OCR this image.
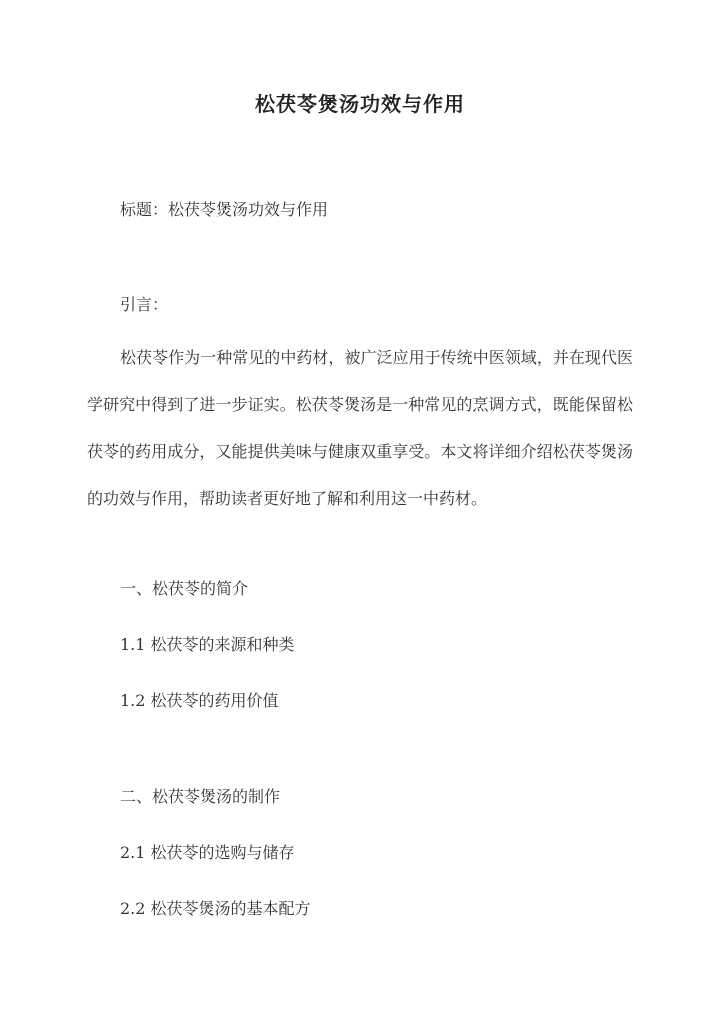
松茯苓煲汤功效与作用
标题：松茯苓煲汤功效与作用
引言：
松茯苓作为一种常见的中药材，被广泛应用于传统中医领域，并在现代医学研究中得到了进一步证实。松茯苓煲汤是一种常见的烹调方式，既能保留松茯苓的药用成分，又能提供美味与健康双重享受。本文将详细介绍松茯苓煲汤的功效与作用，帮助读者更好地了解和利用这一中药材。
一、松茯苓的简介
1.1 松茯苓的来源和种类
1.2 松茯苓的药用价值
二、松茯苓煲汤的制作
2.1 松茯苓的选购与储存
2.2 松茯苓煲汤的基本配方
